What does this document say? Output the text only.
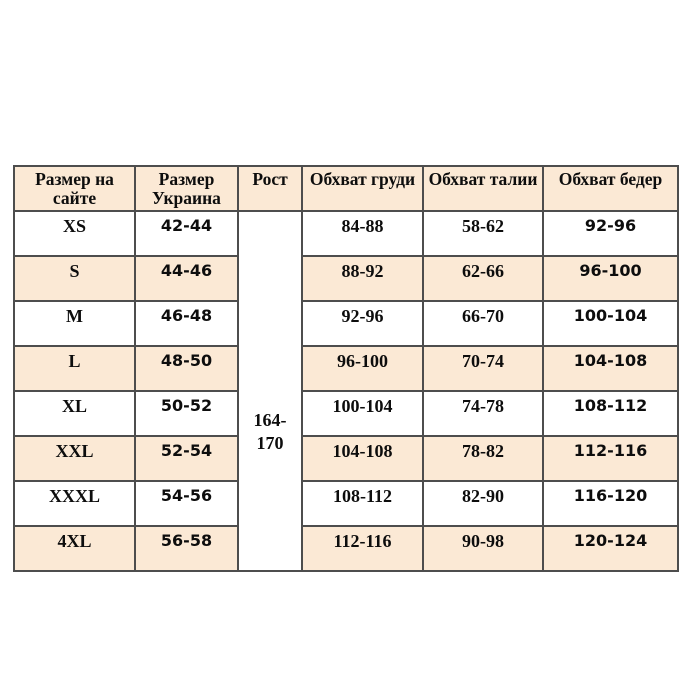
Размер на сайте	Размер Украина	Рост	Обхват груди	Обхват талии	Обхват бедер
XS	42-44	164-170	84-88	58-62	92-96
S	44-46		88-92	62-66	96-100
M	46-48		92-96	66-70	100-104
L	48-50		96-100	70-74	104-108
XL	50-52		100-104	74-78	108-112
XXL	52-54		104-108	78-82	112-116
XXXL	54-56		108-112	82-90	116-120
4XL	56-58		112-116	90-98	120-124
